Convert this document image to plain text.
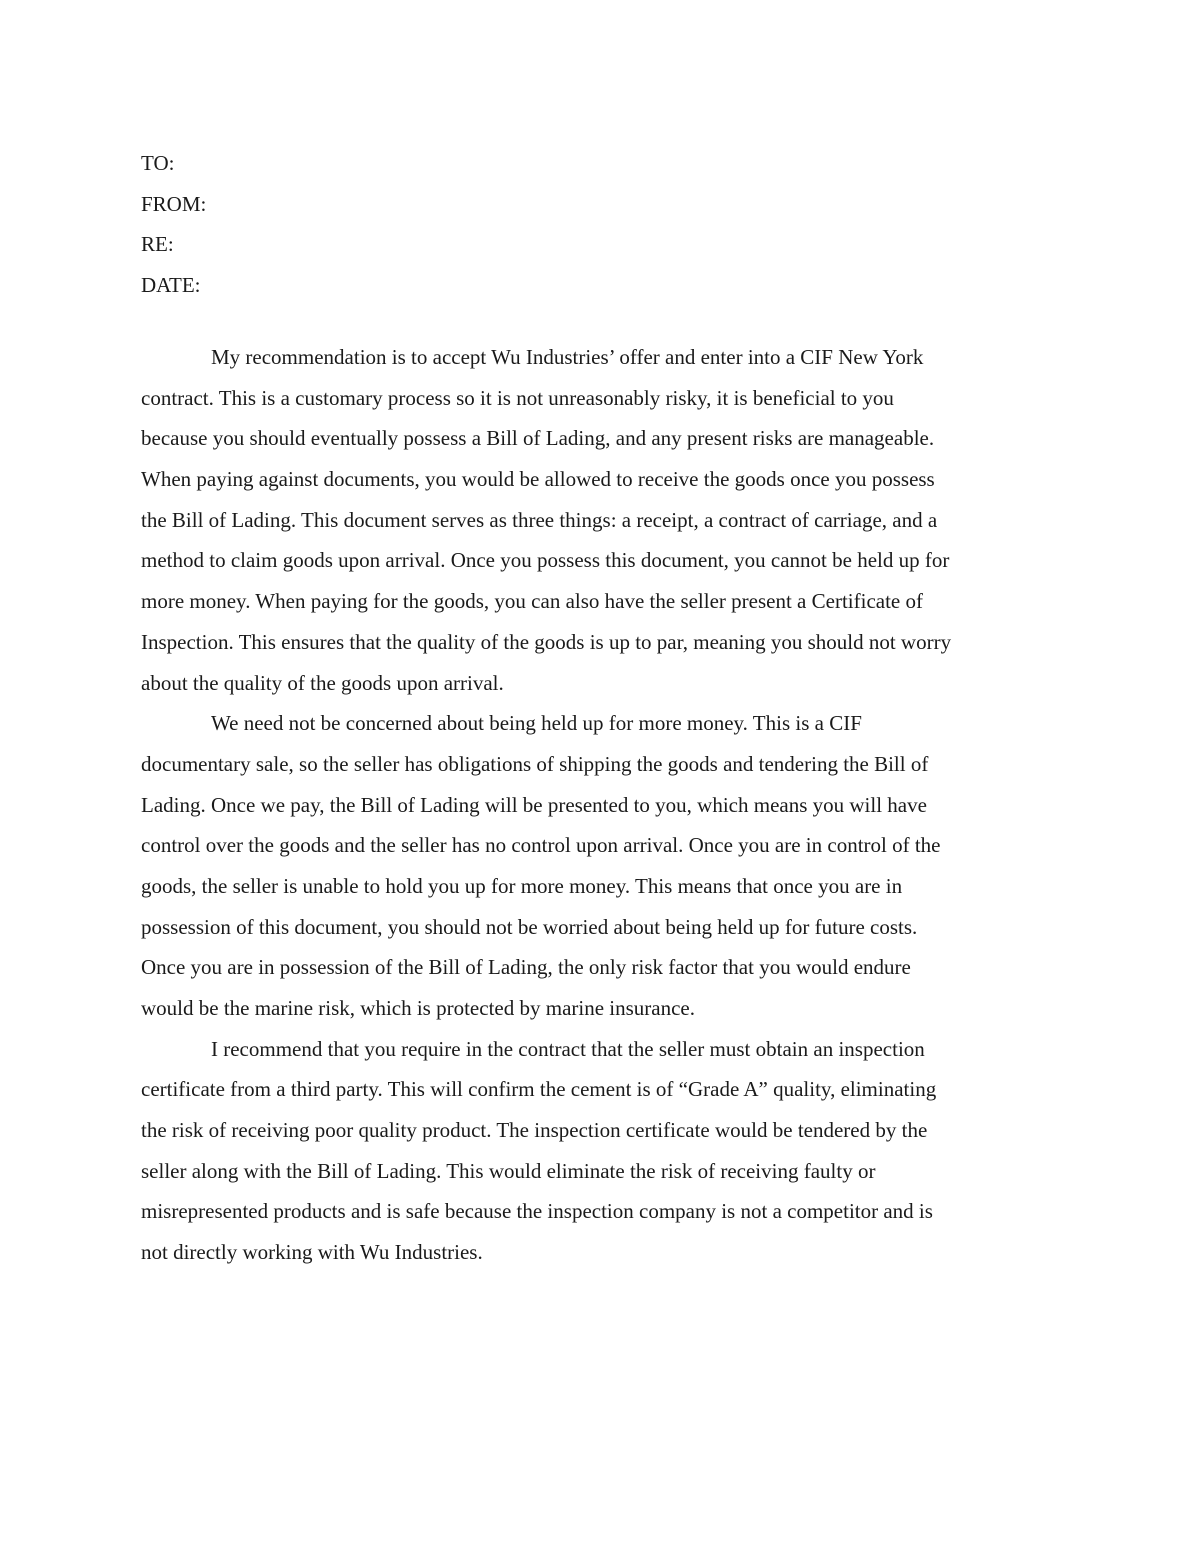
TO:
FROM:
RE:
DATE:
My recommendation is to accept Wu Industries’ offer and enter into a CIF New York
contract. This is a customary process so it is not unreasonably risky, it is beneficial to you
because you should eventually possess a Bill of Lading, and any present risks are manageable.
When paying against documents, you would be allowed to receive the goods once you possess
the Bill of Lading. This document serves as three things: a receipt, a contract of carriage, and a
method to claim goods upon arrival. Once you possess this document, you cannot be held up for
more money. When paying for the goods, you can also have the seller present a Certificate of
Inspection. This ensures that the quality of the goods is up to par, meaning you should not worry
about the quality of the goods upon arrival.
We need not be concerned about being held up for more money. This is a CIF
documentary sale, so the seller has obligations of shipping the goods and tendering the Bill of
Lading. Once we pay, the Bill of Lading will be presented to you, which means you will have
control over the goods and the seller has no control upon arrival. Once you are in control of the
goods, the seller is unable to hold you up for more money. This means that once you are in
possession of this document, you should not be worried about being held up for future costs.
Once you are in possession of the Bill of Lading, the only risk factor that you would endure
would be the marine risk, which is protected by marine insurance.
I recommend that you require in the contract that the seller must obtain an inspection
certificate from a third party. This will confirm the cement is of “Grade A” quality, eliminating
the risk of receiving poor quality product. The inspection certificate would be tendered by the
seller along with the Bill of Lading. This would eliminate the risk of receiving faulty or
misrepresented products and is safe because the inspection company is not a competitor and is
not directly working with Wu Industries.
